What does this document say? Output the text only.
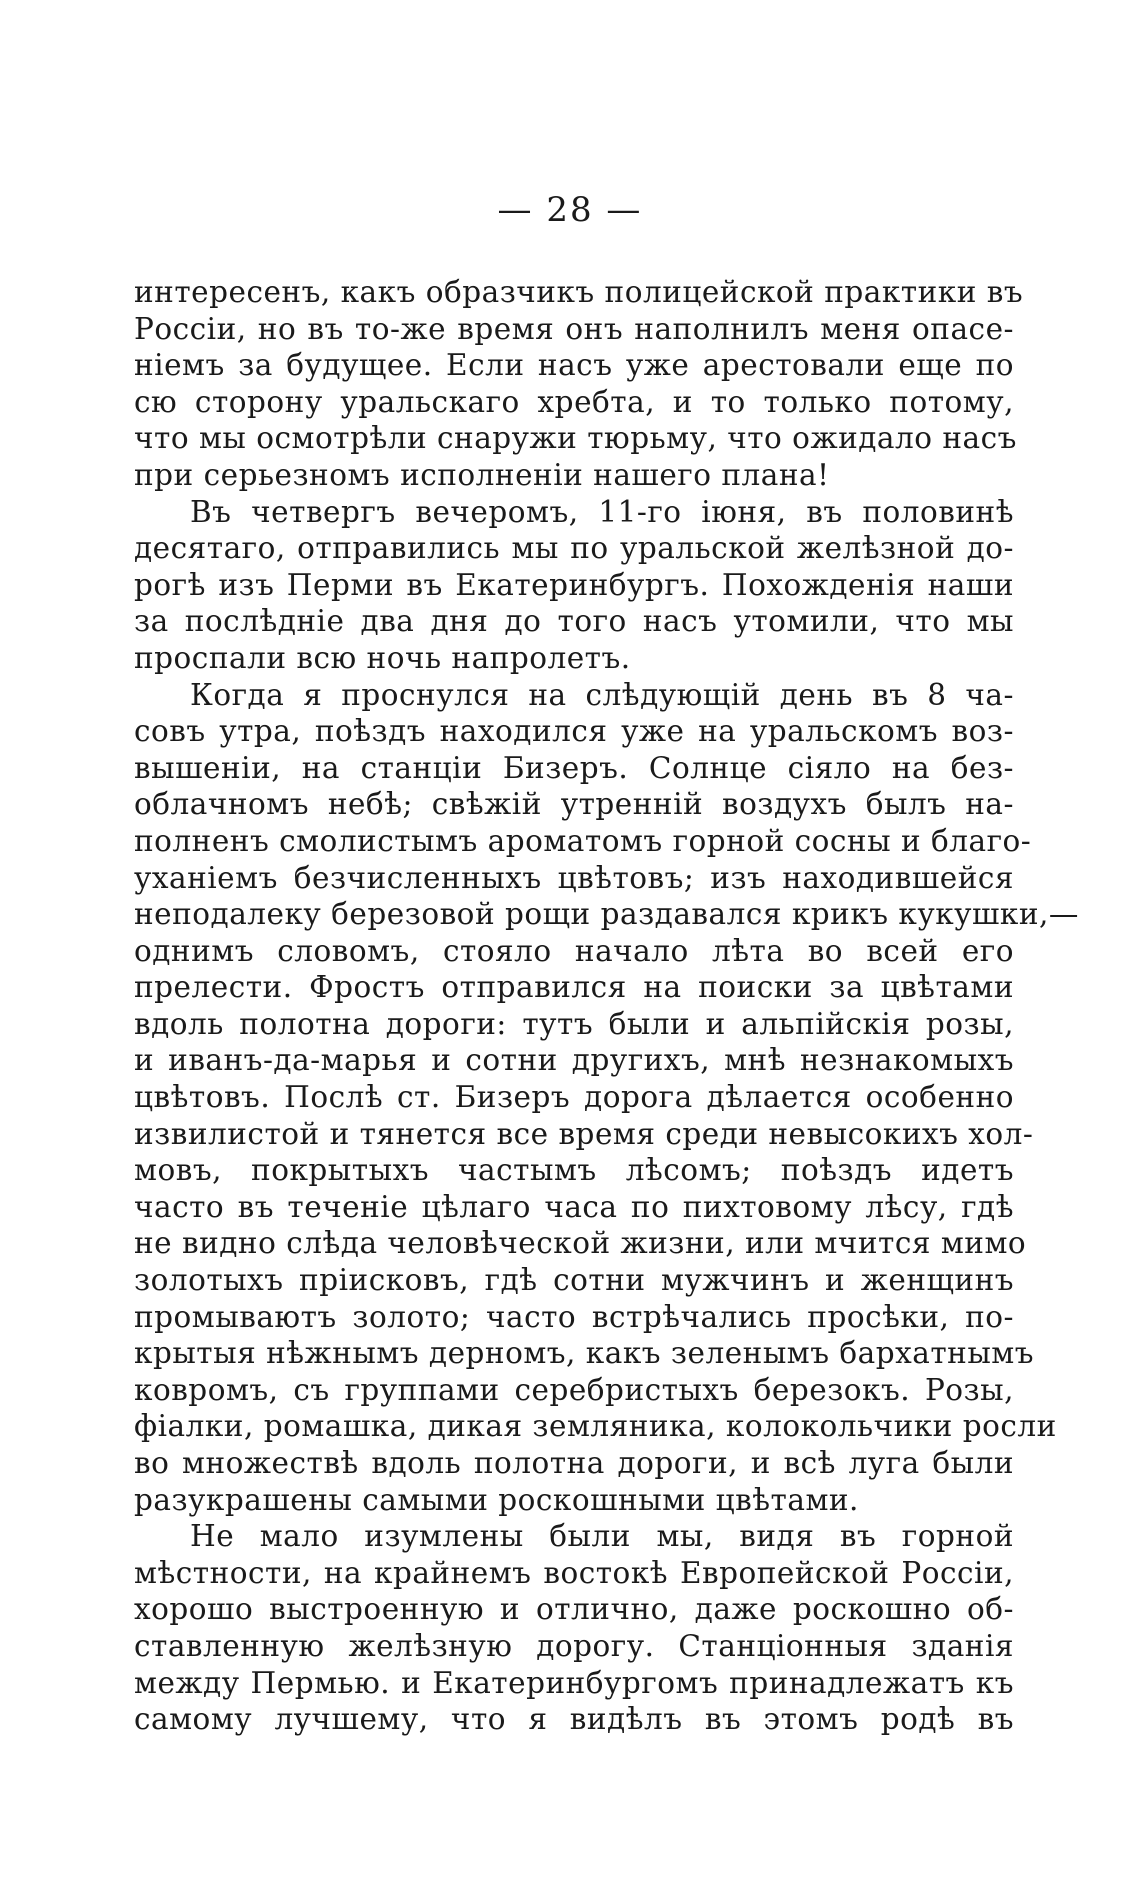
— 28 —
интересенъ, какъ образчикъ полицейской практики въ
Россіи, но въ то-же время онъ наполнилъ меня опасе-
ніемъ за будущее. Если насъ уже арестовали еще по
сю сторону уральскаго хребта, и то только потому,
что мы осмотрѣли снаружи тюрьму, что ожидало насъ
при серьезномъ исполненіи нашего плана!
Въ четвергъ вечеромъ, 11-го іюня, въ половинѣ
десятаго, отправились мы по уральской желѣзной до-
рогѣ изъ Перми въ Екатеринбургъ. Похожденія наши
за послѣдніе два дня до того насъ утомили, что мы
проспали всю ночь напролетъ.
Когда я проснулся на слѣдующій день въ 8 ча-
совъ утра, поѣздъ находился уже на уральскомъ воз-
вышеніи, на станціи Бизеръ. Солнце сіяло на без-
облачномъ небѣ; свѣжій утренній воздухъ былъ на-
полненъ смолистымъ ароматомъ горной сосны и благо-
уханіемъ безчисленныхъ цвѣтовъ; изъ находившейся
неподалеку березовой рощи раздавался крикъ кукушки,—
однимъ словомъ, стояло начало лѣта во всей его
прелести. Фростъ отправился на поиски за цвѣтами
вдоль полотна дороги: тутъ были и альпійскія розы,
и иванъ-да-марья и сотни другихъ, мнѣ незнакомыхъ
цвѣтовъ. Послѣ ст. Бизеръ дорога дѣлается особенно
извилистой и тянется все время среди невысокихъ хол-
мовъ, покрытыхъ частымъ лѣсомъ; поѣздъ идетъ
часто въ теченіе цѣлаго часа по пихтовому лѣсу, гдѣ
не видно слѣда человѣческой жизни, или мчится мимо
золотыхъ пріисковъ, гдѣ сотни мужчинъ и женщинъ
промываютъ золото; часто встрѣчались просѣки, по-
крытыя нѣжнымъ дерномъ, какъ зеленымъ бархатнымъ
ковромъ, съ группами серебристыхъ березокъ. Розы,
фіалки, ромашка, дикая земляника, колокольчики росли
во множествѣ вдоль полотна дороги, и всѣ луга были
разукрашены самыми роскошными цвѣтами.
Не мало изумлены были мы, видя въ горной
мѣстности, на крайнемъ востокѣ Европейской Россіи,
хорошо выстроенную и отлично, даже роскошно об-
ставленную желѣзную дорогу. Станціонныя зданія
между Пермью. и Екатеринбургомъ принадлежатъ къ
самому лучшему, что я видѣлъ въ этомъ родѣ въ
